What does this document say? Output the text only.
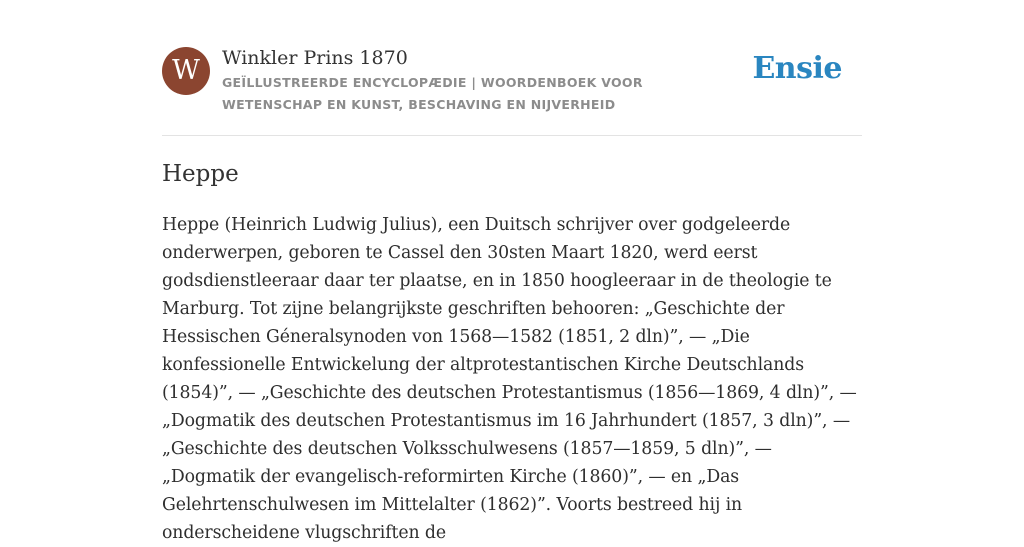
W	Winkler Prins 1870
GEÏLLUSTREERDE ENCYCLOPÆDIE | WOORDENBOEK VOOR WETENSCHAP EN KUNST, BESCHAVING EN NIJVERHEID
Ensie
Heppe

Heppe (Heinrich Ludwig Julius), een Duitsch schrijver over godgeleerde onderwerpen, geboren te Cassel den 30sten Maart 1820, werd eerst godsdienstleeraar daar ter plaatse, en in 1850 hoogleeraar in de theologie te Marburg. Tot zijne belangrijkste geschriften behooren: „Geschichte der Hessischen Géneralsynoden von 1568—1582 (1851, 2 dln)”, — „Die konfessionelle Entwickelung der altprotestantischen Kirche Deutschlands (1854)”, — „Geschichte des deutschen Protestantismus (1856—1869, 4 dln)”, — „Dogmatik des deutschen Protestantismus im 16 Jahrhundert (1857, 3 dln)”, — „Geschichte des deutschen Volksschulwesens (1857—1859, 5 dln)”, — „Dogmatik der evangelisch-reformirten Kirche (1860)”, — en „Das Gelehrtenschulwesen im Mittelalter (1862)”. Voorts bestreed hij in onderscheidene vlugschriften de
